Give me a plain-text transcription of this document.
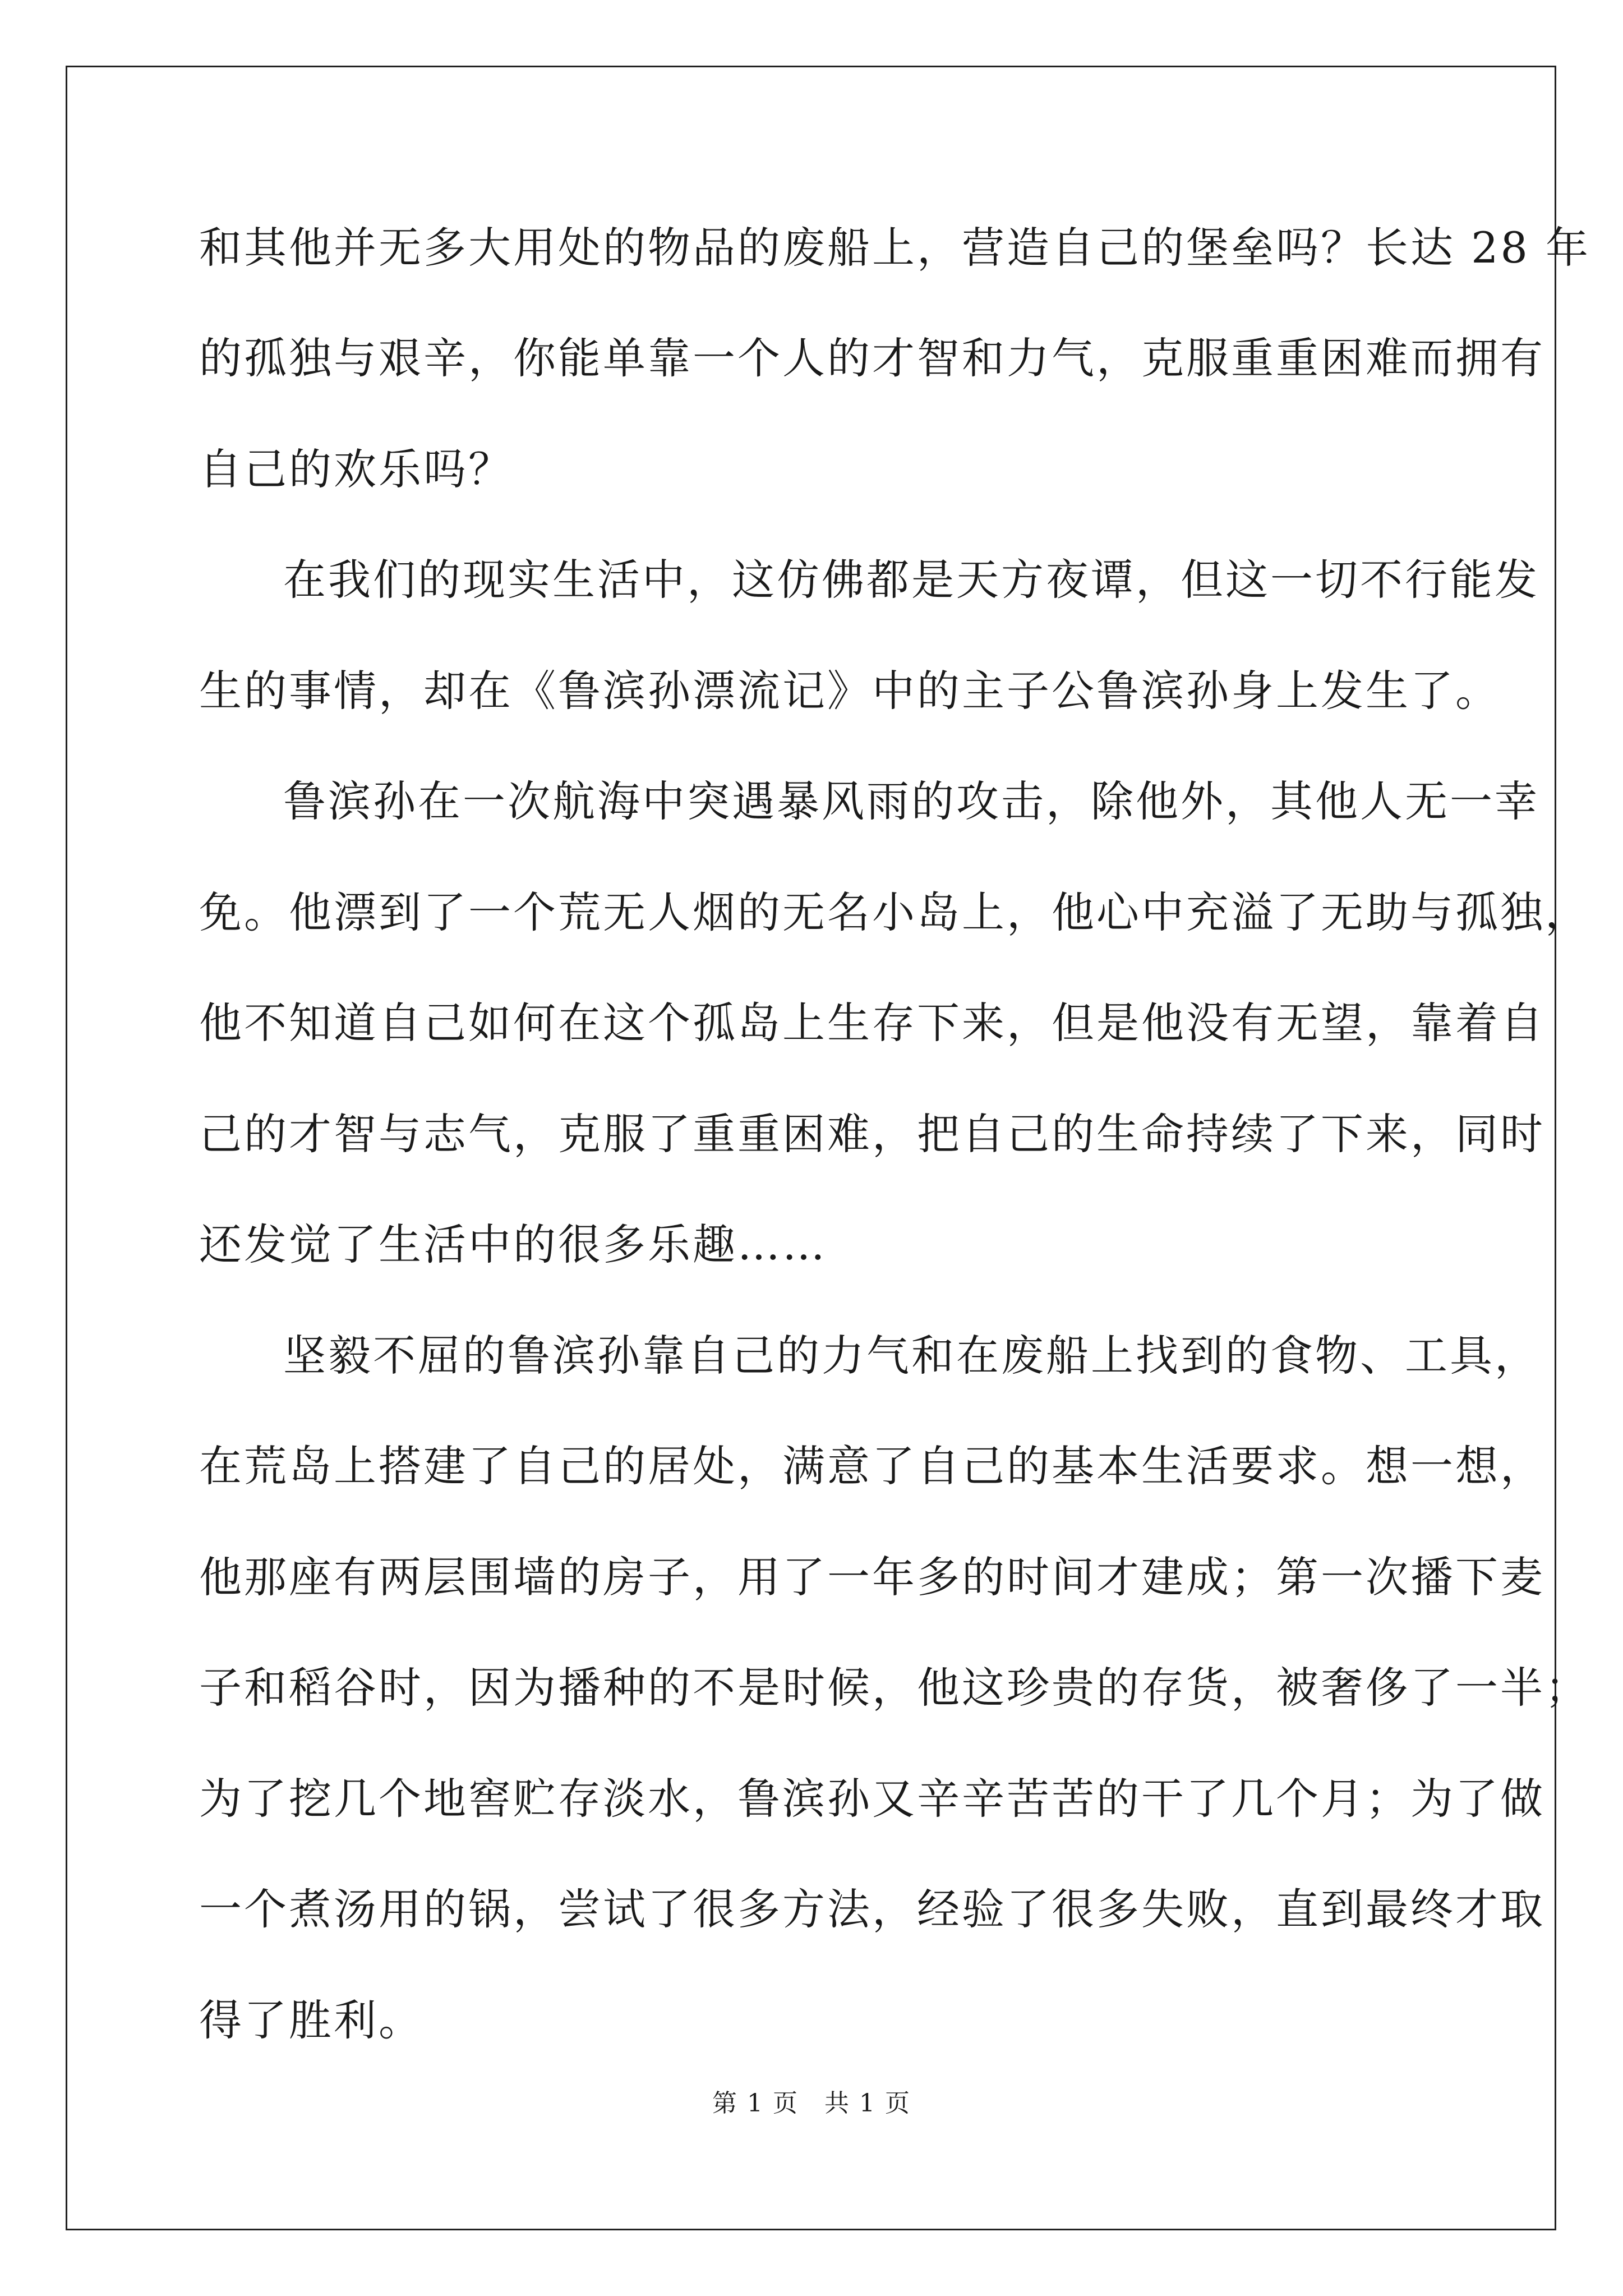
和其他并无多大用处的物品的废船上，营造自己的堡垒吗？长达 28 年
的孤独与艰辛，你能单靠一个人的才智和力气，克服重重困难而拥有
自己的欢乐吗？
在我们的现实生活中，这仿佛都是天方夜谭，但这一切不行能发
生的事情，却在《鲁滨孙漂流记》中的主子公鲁滨孙身上发生了。
鲁滨孙在一次航海中突遇暴风雨的攻击，除他外，其他人无一幸
免。他漂到了一个荒无人烟的无名小岛上，他心中充溢了无助与孤独，
他不知道自己如何在这个孤岛上生存下来，但是他没有无望，靠着自
己的才智与志气，克服了重重困难，把自己的生命持续了下来，同时
还发觉了生活中的很多乐趣……
坚毅不屈的鲁滨孙靠自己的力气和在废船上找到的食物、工具，
在荒岛上搭建了自己的居处，满意了自己的基本生活要求。想一想，
他那座有两层围墙的房子，用了一年多的时间才建成；第一次播下麦
子和稻谷时，因为播种的不是时候，他这珍贵的存货，被奢侈了一半；
为了挖几个地窖贮存淡水，鲁滨孙又辛辛苦苦的干了几个月；为了做
一个煮汤用的锅，尝试了很多方法，经验了很多失败，直到最终才取
得了胜利。
第 1 页　共 1 页
